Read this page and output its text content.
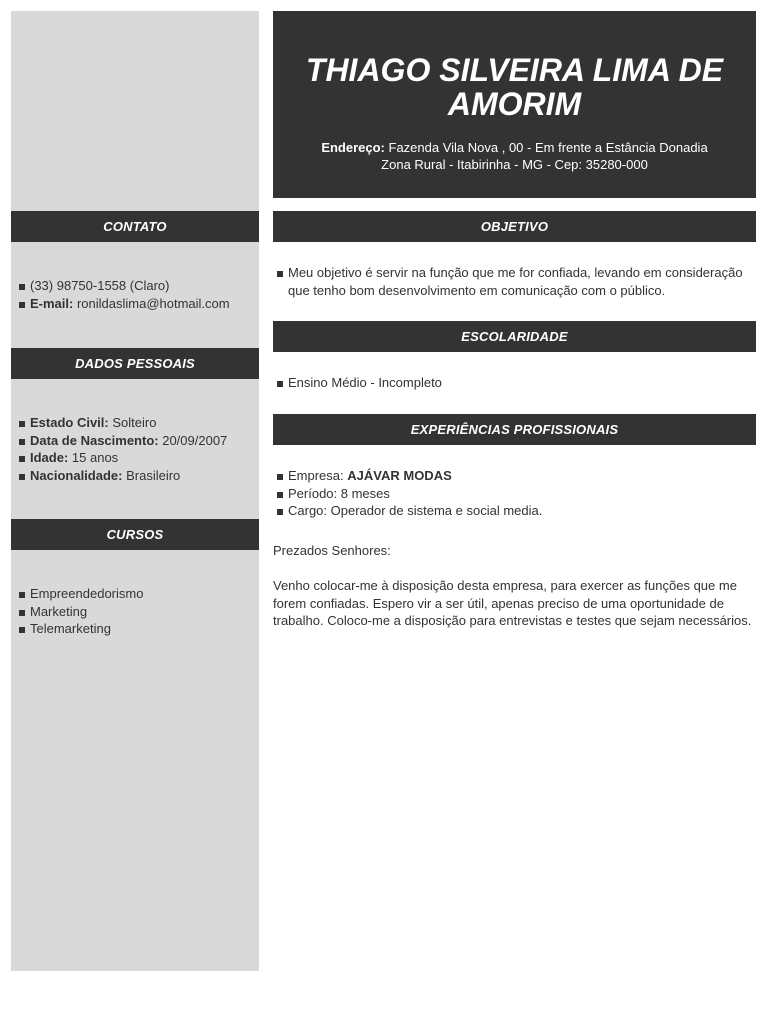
THIAGO SILVEIRA LIMA DE AMORIM
Endereço: Fazenda Vila Nova , 00 - Em frente a Estância Donadia
Zona Rural - Itabirinha - MG - Cep: 35280-000
CONTATO
(33) 98750-1558 (Claro)
E-mail: ronildaslima@hotmail.com
DADOS PESSOAIS
Estado Civil: Solteiro
Data de Nascimento: 20/09/2007
Idade: 15 anos
Nacionalidade: Brasileiro
CURSOS
Empreendedorismo
Marketing
Telemarketing
OBJETIVO
Meu objetivo é servir na função que me for confiada, levando em consideração que tenho bom desenvolvimento em comunicação com o público.
ESCOLARIDADE
Ensino Médio - Incompleto
EXPERIÊNCIAS PROFISSIONAIS
Empresa: AJÁVAR MODAS
Período: 8 meses
Cargo: Operador de sistema e social media.

Prezados Senhores:

Venho colocar-me à disposição desta empresa, para exercer as funções que me forem confiadas. Espero vir a ser útil, apenas preciso de uma oportunidade de trabalho. Coloco-me a disposição para entrevistas e testes que sejam necessários.
